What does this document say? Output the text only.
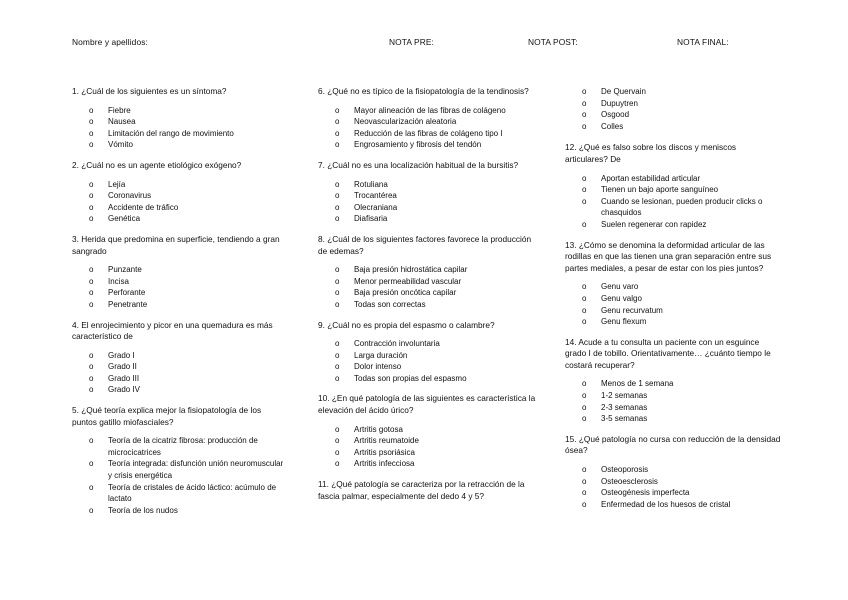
Nombre y apellidos:	NOTA PRE:	NOTA POST:	NOTA FINAL:
1. ¿Cuál de los siguientes es un síntoma?
o Fiebre
o Nausea
o Limitación del rango de movimiento
o Vómito
2. ¿Cuál no es un agente etiológico exógeno?
o Lejía
o Coronavirus
o Accidente de tráfico
o Genética
3. Herida que predomina en superficie, tendiendo a gran sangrado
o Punzante
o Incisa
o Perforante
o Penetrante
4. El enrojecimiento y picor en una quemadura es más característico de
o Grado I
o Grado II
o Grado III
o Grado IV
5. ¿Qué teoría explica mejor la fisiopatología de los puntos gatillo miofasciales?
o Teoría de la cicatriz fibrosa: producción de microcicatrices
o Teoría integrada: disfunción unión neuromuscular y crisis energética
o Teoría de cristales de ácido láctico: acúmulo de lactato
o Teoría de los nudos
6. ¿Qué no es típico de la fisiopatología de la tendinosis?
o Mayor alineación de las fibras de colágeno
o Neovascularización aleatoria
o Reducción de las fibras de colágeno tipo I
o Engrosamiento y fibrosis del tendón
7. ¿Cuál no es una localización habitual de la bursitis?
o Rotuliana
o Trocantérea
o Olecraniana
o Diafisaria
8. ¿Cuál de los siguientes factores favorece la producción de edemas?
o Baja presión hidrostática capilar
o Menor permeabilidad vascular
o Baja presión oncótica capilar
o Todas son correctas
9. ¿Cuál no es propia del espasmo o calambre?
o Contracción involuntaria
o Larga duración
o Dolor intenso
o Todas son propias del espasmo
10. ¿En qué patología de las siguientes es característica la elevación del ácido úrico?
o Artritis gotosa
o Artritis reumatoide
o Artritis psoriásica
o Artritis infecciosa
11. ¿Qué patología se caracteriza por la retracción de la fascia palmar, especialmente del dedo 4 y 5?
o De Quervain
o Dupuytren
o Osgood
o Colles
12. ¿Qué es falso sobre los discos y meniscos articulares? De
o Aportan estabilidad articular
o Tienen un bajo aporte sanguíneo
o Cuando se lesionan, pueden producir clicks o chasquidos
o Suelen regenerar con rapidez
13. ¿Cómo se denomina la deformidad articular de las rodillas en que las tienen una gran separación entre sus partes mediales, a pesar de estar con los pies juntos?
o Genu varo
o Genu valgo
o Genu recurvatum
o Genu flexum
14. Acude a tu consulta un paciente con un esguince grado I de tobillo. Orientativamente… ¿cuánto tiempo le costará recuperar?
o Menos de 1 semana
o 1-2 semanas
o 2-3 semanas
o 3-5 semanas
15. ¿Qué patología no cursa con reducción de la densidad ósea?
o Osteoporosis
o Osteoesclerosis
o Osteogénesis imperfecta
o Enfermedad de los huesos de cristal
